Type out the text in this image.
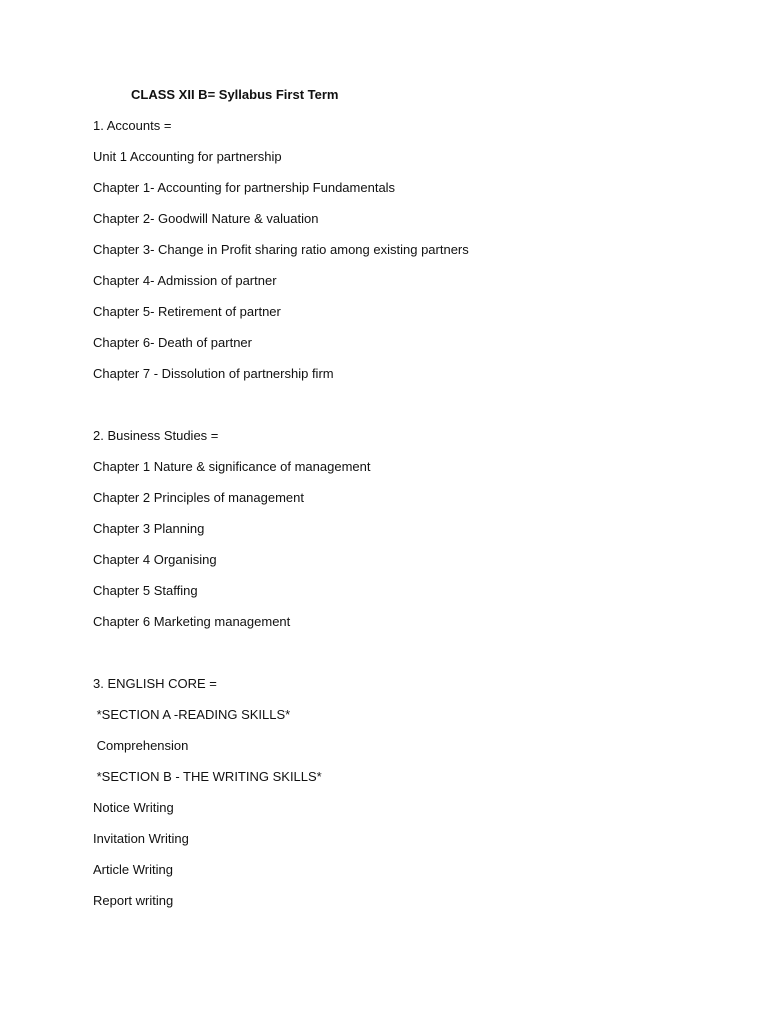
CLASS XII B= Syllabus First Term
1. Accounts =
Unit 1 Accounting for partnership
Chapter 1- Accounting for partnership Fundamentals
Chapter 2- Goodwill Nature & valuation
Chapter 3- Change in Profit sharing ratio among existing partners
Chapter 4- Admission of partner
Chapter 5- Retirement of partner
Chapter 6- Death of partner
Chapter 7 - Dissolution of partnership firm
2. Business Studies =
Chapter 1 Nature & significance of management
Chapter 2 Principles of management
Chapter 3 Planning
Chapter 4 Organising
Chapter 5 Staffing
Chapter 6 Marketing management
3. ENGLISH CORE =
*SECTION A -READING SKILLS*
Comprehension
*SECTION B - THE WRITING SKILLS*
Notice Writing
Invitation Writing
Article Writing
Report writing
